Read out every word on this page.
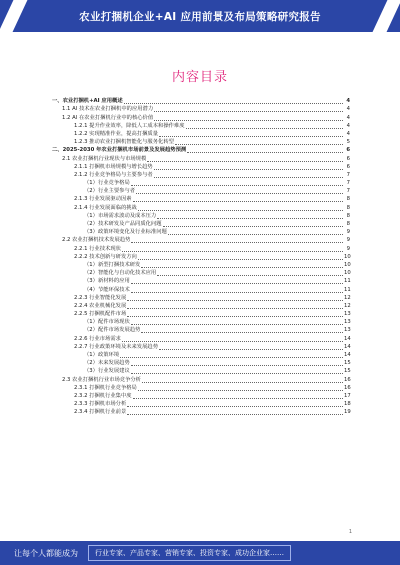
农业打捆机企业+AI 应用前景及布局策略研究报告
内容目录
一、农业打捆机+AI 应用概述	4
1.1 AI 技术在农业打捆机中的应用潜力	4
1.2 AI 在农业打捆机行业中的核心价值	4
1.2.1 提升作业效率，降低人工成本和操作难度	4
1.2.2 实现精准作业，提高打捆质量	4
1.2.3 推动农业打捆机智能化与服务化转型	5
二、2025-2030 年农业打捆机市场前景及发展趋势预测	6
2.1 农业打捆机行业现状与市场规模	6
2.1.1 打捆机市场规模与增长趋势	6
2.1.2 行业竞争格局与主要参与者	7
（1）行业竞争格局	7
（2）行业主要参与者	7
2.1.3 行业发展驱动因素	8
2.1.4 行业发展面临的挑战	8
（1）市场需求波动及成本压力	8
（2）技术研发及产品同质化问题	8
（3）政策环境变化及行业标准问题	9
2.2 农业打捆机技术发展趋势	9
2.2.1 行业技术现状	9
2.2.2 技术创新与研发方向	10
（1）新型打捆技术研发	10
（2）智能化与自动化技术应用	10
（3）新材料的应用	11
（4）节能环保技术	11
2.2.3 行业智能化发展	12
2.2.4 农业机械化发展	12
2.2.5 打捆机配件市场	13
（1）配件市场现状	13
（2）配件市场发展趋势	13
2.2.6 行业市场需求	14
2.2.7 行业政策环境及未来发展趋势	14
（1）政策环境	14
（2）未来发展趋势	15
（3）行业发展建议	15
2.3 农业打捆机行业市场竞争分析	16
2.3.1 打捆机行业竞争格局	16
2.3.2 打捆机行业集中度	17
2.3.3 打捆机市场分析	18
2.3.4 打捆机行业前景	19
1
让每个人都能成为	行业专家、产品专家、营销专家、投资专家、成功企业家……
